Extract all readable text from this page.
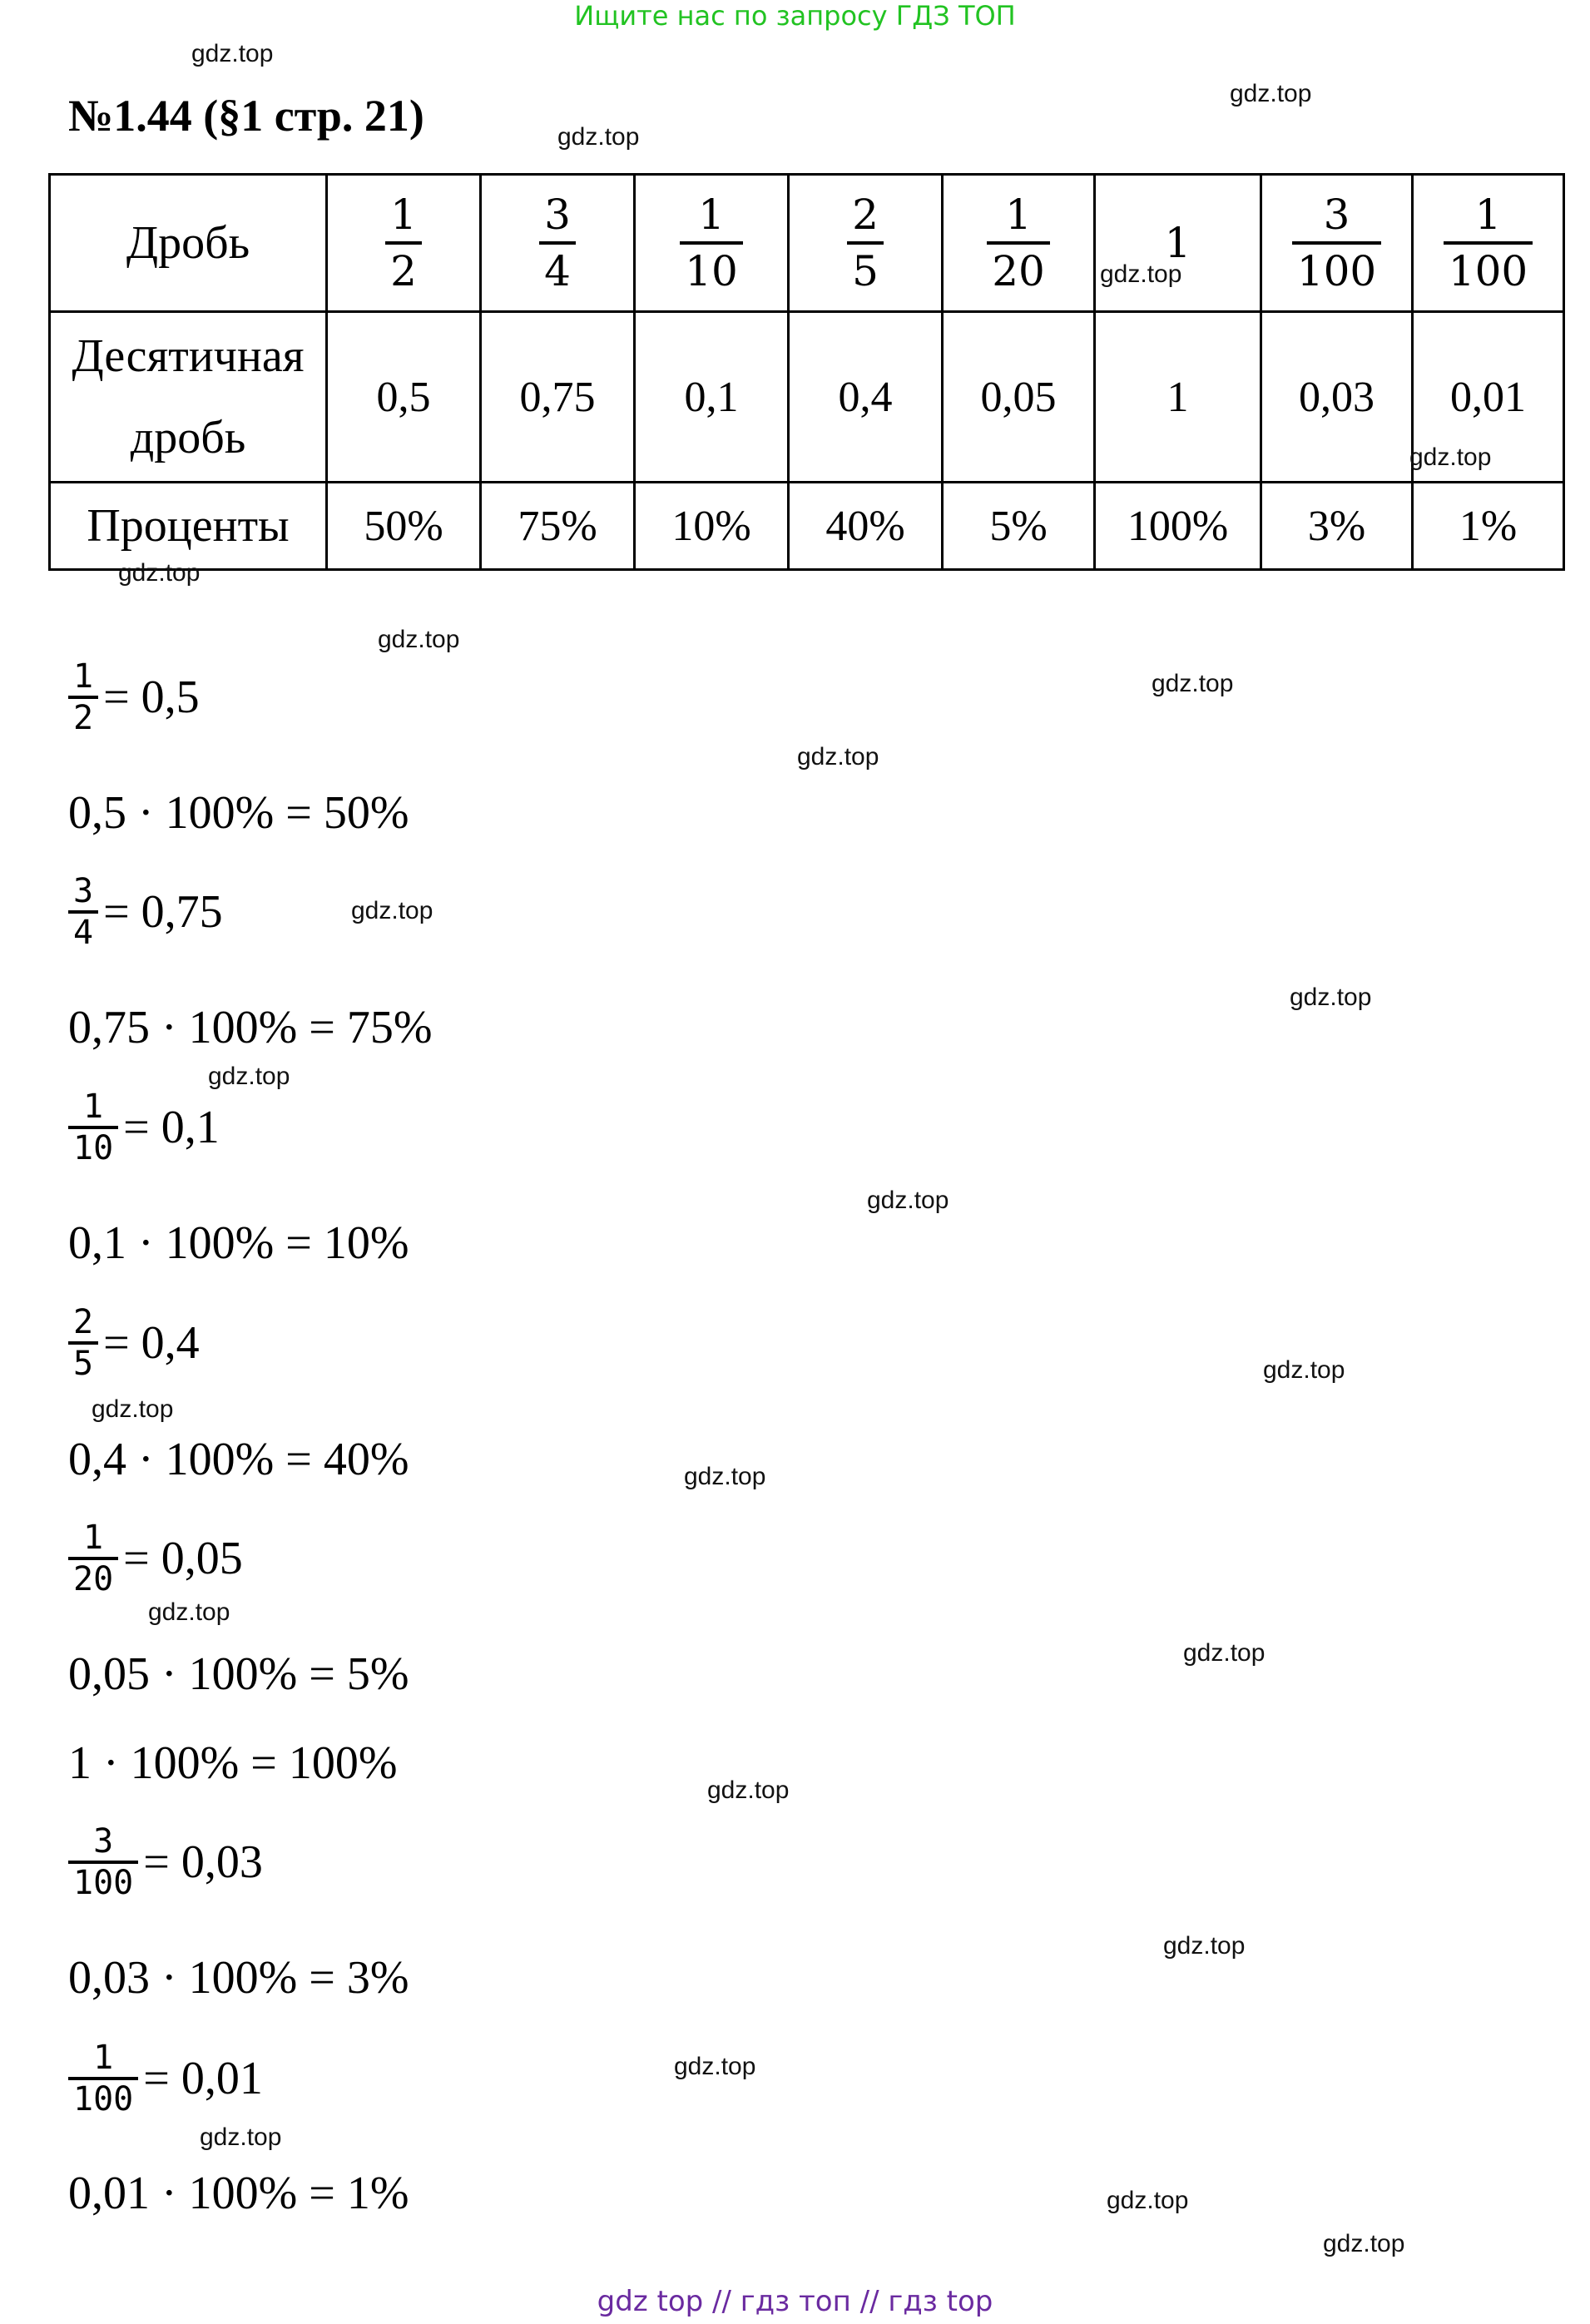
Ищите нас по запросу ГДЗ ТОП
№1.44 (§1 стр. 21)
Дробь	$\frac{1}{2}$	$\frac{3}{4}$	$\frac{1}{10}$	$\frac{2}{5}$	$\frac{1}{20}$	1	$\frac{3}{100}$	$\frac{1}{100}$

Десятичная
дробь	0,5	0,75	0,1	0,4	0,05	1	0,03	0,01
Проценты	50%	75%	10%	40%	5%	100%	3%	1%
$\frac{1}{2} = 0,5$
0,5 · 100% = 50%
$\frac{3}{4} = 0,75$
0,75 · 100% = 75%
$\frac{1}{10} = 0,1$
0,1 · 100% = 10%
$\frac{2}{5} = 0,4$
0,4 · 100% = 40%
$\frac{1}{20} = 0,05$
0,05 · 100% = 5%
1 · 100% = 100%
$\frac{3}{100} = 0,03$
0,03 · 100% = 3%
$\frac{1}{100} = 0,01$
0,01 · 100% = 1%
gdz.top
gdz.top
gdz.top
gdz.top
gdz.top
gdz.top
gdz.top
gdz.top
gdz.top
gdz.top
gdz.top
gdz.top
gdz.top
gdz.top
gdz.top
gdz.top
gdz.top
gdz.top
gdz.top
gdz.top
gdz.top
gdz.top
gdz.top
gdz.top
gdz top // гдз топ // гдз top
